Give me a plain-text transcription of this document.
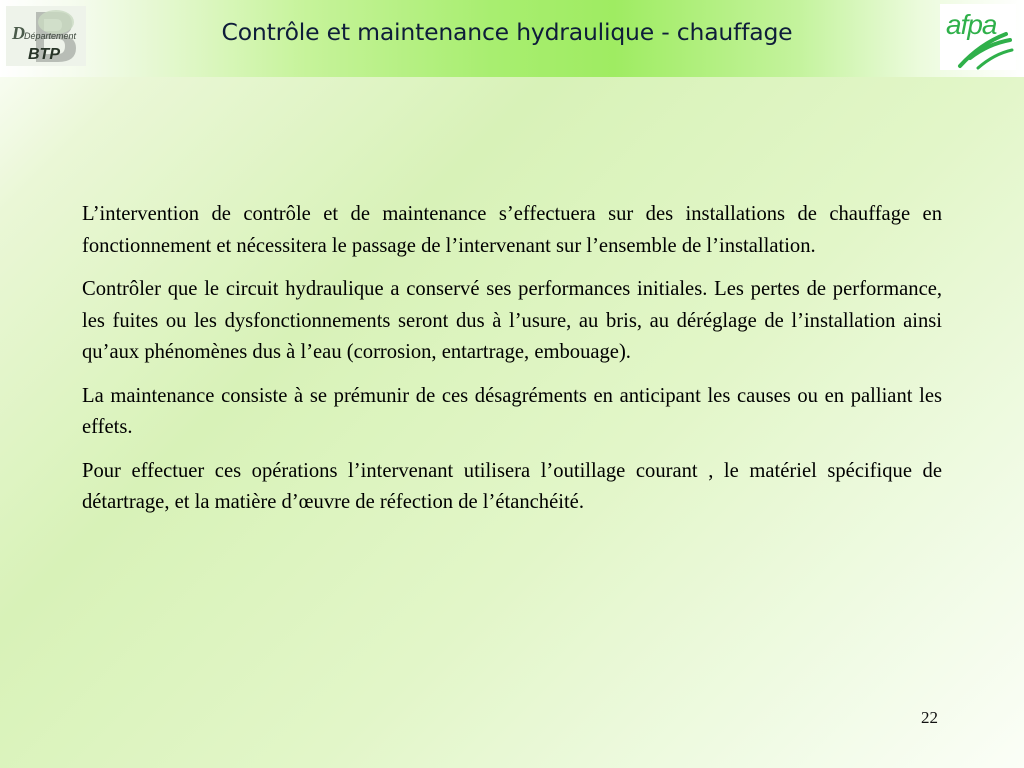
D Département
BTP
Contrôle et maintenance hydraulique - chauffage	afpa

L’intervention de contrôle et de maintenance s’effectuera sur des installations de chauffage en fonctionnement et nécessitera le passage de l’intervenant sur l’ensemble de l’installation.

Contrôler que le circuit hydraulique a conservé ses performances initiales. Les pertes de performance, les fuites ou les dysfonctionnements seront dus à l’usure, au bris, au déréglage de l’installation ainsi qu’aux phénomènes dus à l’eau (corrosion, entartrage, embouage).

La maintenance consiste à se prémunir de ces désagréments en anticipant les causes ou en palliant les effets.

Pour effectuer ces opérations l’intervenant utilisera l’outillage courant , le matériel spécifique de détartrage, et la matière d’œuvre de réfection de l’étanchéité.

22
